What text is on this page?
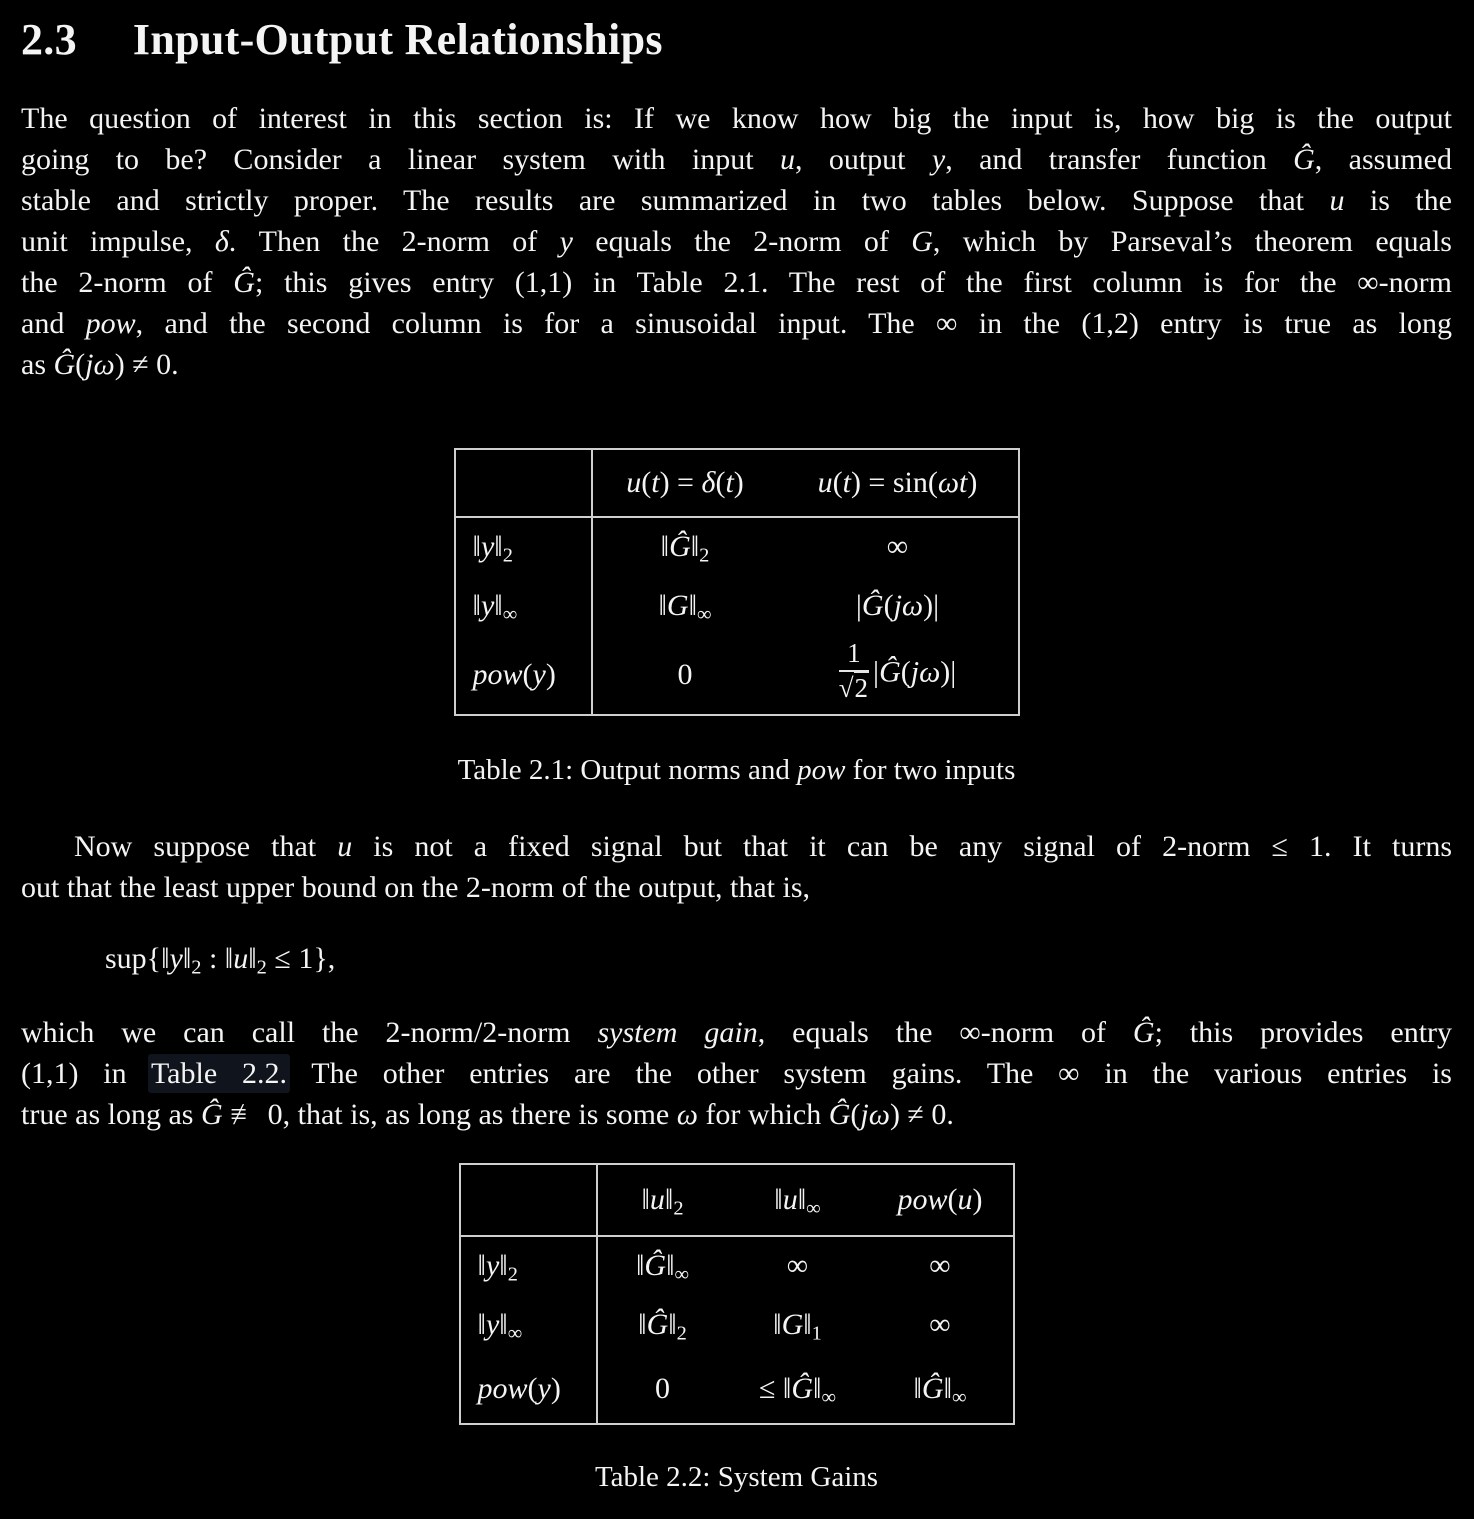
2.3 Input-Output Relationships
The question of interest in this section is: If we know how big the input is, how big is the output
going to be? Consider a linear system with input u, output y, and transfer function Ĝ, assumed
stable and strictly proper. The results are summarized in two tables below. Suppose that u is the
unit impulse, δ. Then the 2-norm of y equals the 2-norm of G, which by Parseval’s theorem equals
the 2-norm of Ĝ; this gives entry (1,1) in Table 2.1. The rest of the first column is for the ∞-norm
and pow, and the second column is for a sinusoidal input. The ∞ in the (1,2) entry is true as long
as Ĝ(jω) ≠ 0.
	u(t) = δ(t)	u(t) = sin(ωt)
$‖y‖_2$	$‖Ĝ‖_2$	∞
$‖y‖_\infty$	$‖G‖_\infty$	|Ĝ(jω)|
pow(y)	0	$\frac{1}{√2}$ |Ĝ(jω)|
Table 2.1: Output norms and pow for two inputs
Now suppose that u is not a fixed signal but that it can be any signal of 2-norm ≤ 1. It turns
out that the least upper bound on the 2-norm of the output, that is,
$sup\{‖y‖_2$ : $‖u‖_2 \le 1$},
which we can call the 2-norm/2-norm system gain, equals the ∞-norm of Ĝ; this provides entry
(1,1) in Table 2.2. The other entries are the other system gains. The ∞ in the various entries is
true as long as Ĝ ≢ 0, that is, as long as there is some ω for which Ĝ(jω) ≠ 0.
	$‖u‖_2$	$‖u‖_\infty$	pow(u)
$‖y‖_2$	$‖Ĝ‖_\infty$	∞	∞
$‖y‖_\infty$	$‖Ĝ‖_2$	$‖G‖_1$	∞
pow(y)	0	≤ $‖Ĝ‖_\infty$	$‖Ĝ‖_\infty$
Table 2.2: System Gains
